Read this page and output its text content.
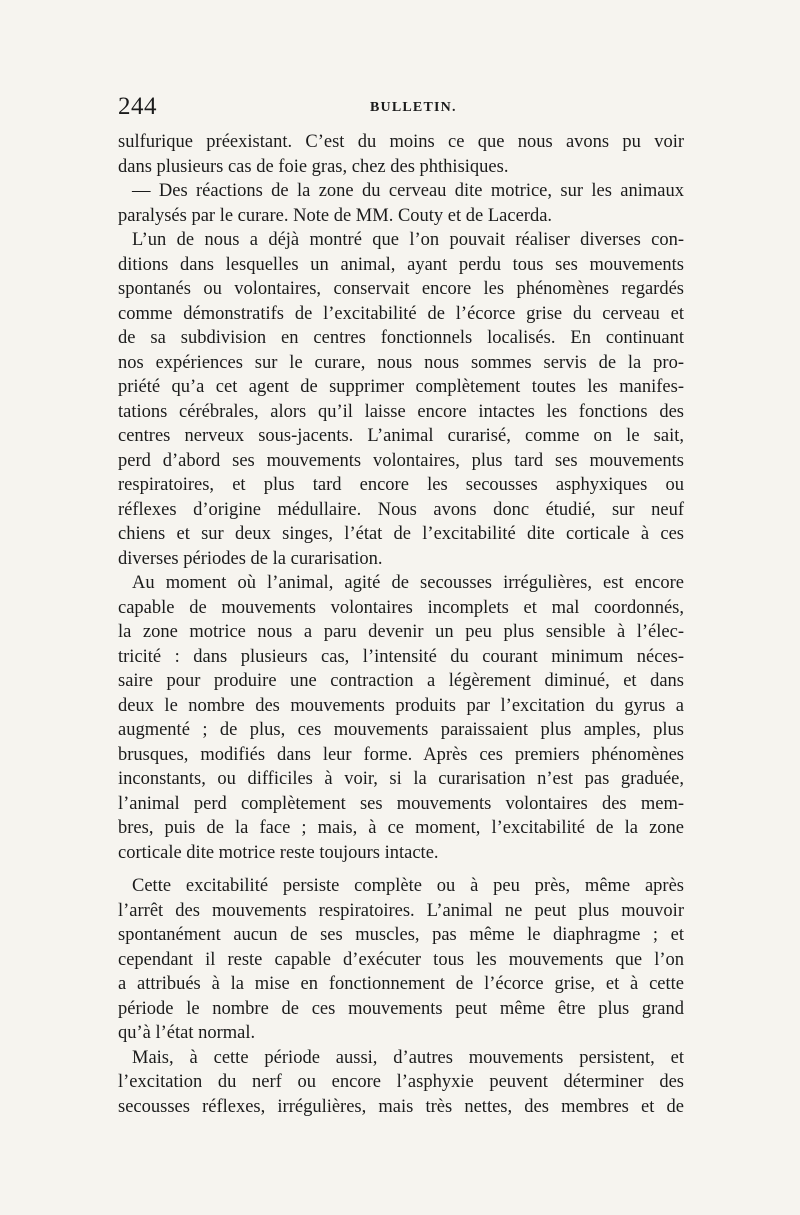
244	BULLETIN.
sulfurique préexistant. C’est du moins ce que nous avons pu voir
dans plusieurs cas de foie gras, chez des phthisiques.
— Des réactions de la zone du cerveau dite motrice, sur les animaux
paralysés par le curare. Note de MM. Couty et de Lacerda.
L’un de nous a déjà montré que l’on pouvait réaliser diverses con-
ditions dans lesquelles un animal, ayant perdu tous ses mouvements
spontanés ou volontaires, conservait encore les phénomènes regardés
comme démonstratifs de l’excitabilité de l’écorce grise du cerveau et
de sa subdivision en centres fonctionnels localisés. En continuant
nos expériences sur le curare, nous nous sommes servis de la pro-
priété qu’a cet agent de supprimer complètement toutes les manifes-
tations cérébrales, alors qu’il laisse encore intactes les fonctions des
centres nerveux sous-jacents. L’animal curarisé, comme on le sait,
perd d’abord ses mouvements volontaires, plus tard ses mouvements
respiratoires, et plus tard encore les secousses asphyxiques ou
réflexes d’origine médullaire. Nous avons donc étudié, sur neuf
chiens et sur deux singes, l’état de l’excitabilité dite corticale à ces
diverses périodes de la curarisation.
Au moment où l’animal, agité de secousses irrégulières, est encore
capable de mouvements volontaires incomplets et mal coordonnés,
la zone motrice nous a paru devenir un peu plus sensible à l’élec-
tricité : dans plusieurs cas, l’intensité du courant minimum néces-
saire pour produire une contraction a légèrement diminué, et dans
deux le nombre des mouvements produits par l’excitation du gyrus a
augmenté ; de plus, ces mouvements paraissaient plus amples, plus
brusques, modifiés dans leur forme. Après ces premiers phénomènes
inconstants, ou difficiles à voir, si la curarisation n’est pas graduée,
l’animal perd complètement ses mouvements volontaires des mem-
bres, puis de la face ; mais, à ce moment, l’excitabilité de la zone
corticale dite motrice reste toujours intacte.
Cette excitabilité persiste complète ou à peu près, même après
l’arrêt des mouvements respiratoires. L’animal ne peut plus mouvoir
spontanément aucun de ses muscles, pas même le diaphragme ; et
cependant il reste capable d’exécuter tous les mouvements que l’on
a attribués à la mise en fonctionnement de l’écorce grise, et à cette
période le nombre de ces mouvements peut même être plus grand
qu’à l’état normal.
Mais, à cette période aussi, d’autres mouvements persistent, et
l’excitation du nerf ou encore l’asphyxie peuvent déterminer des
secousses réflexes, irrégulières, mais très nettes, des membres et de
